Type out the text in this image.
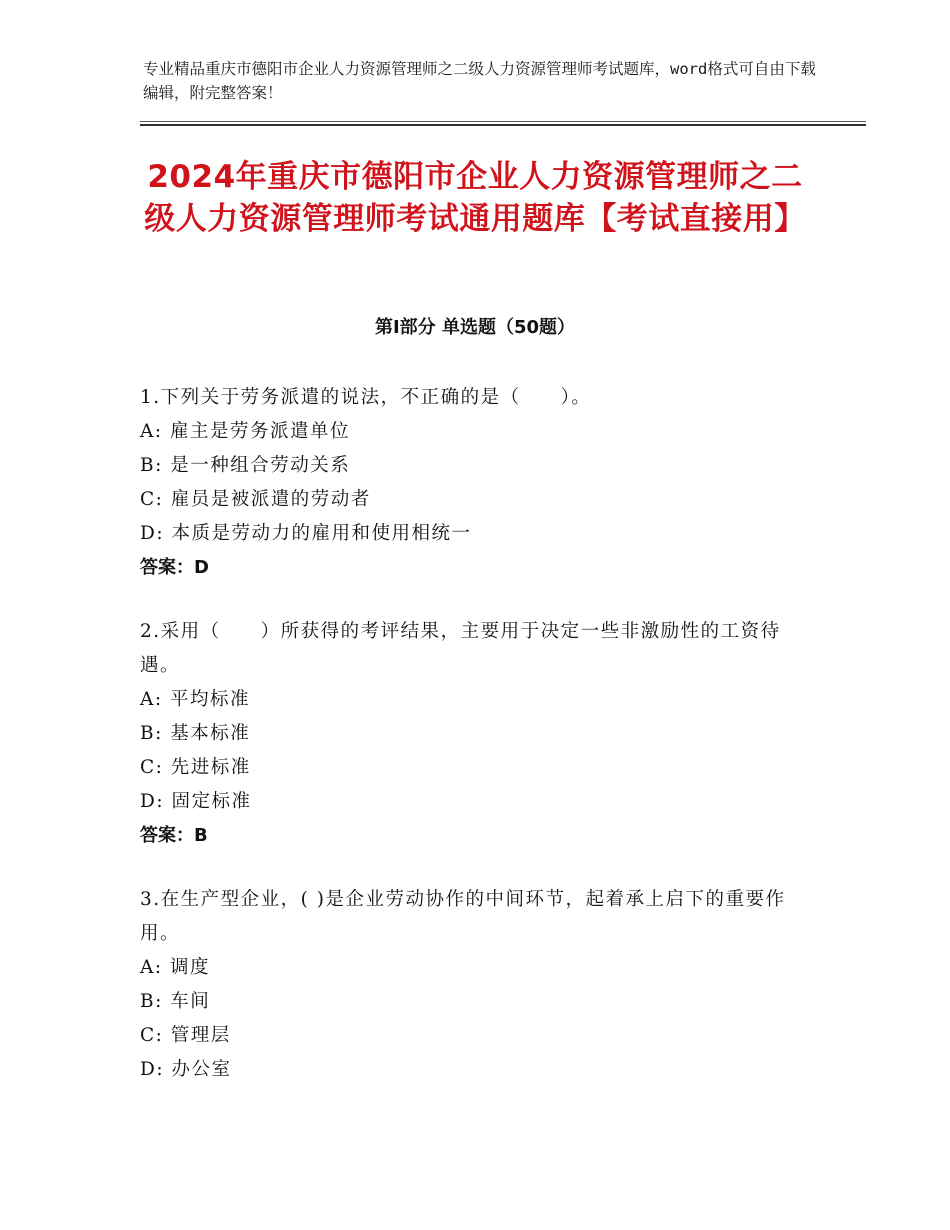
专业精品重庆市德阳市企业人力资源管理师之二级人力资源管理师考试题库，word格式可自由下载编辑，附完整答案！
2024年重庆市德阳市企业人力资源管理师之二级人力资源管理师考试通用题库【考试直接用】
第Ⅰ部分 单选题（50题）

1.下列关于劳务派遣的说法，不正确的是（　　）。

A: 雇主是劳务派遣单位

B: 是一种组合劳动关系

C: 雇员是被派遣的劳动者

D: 本质是劳动力的雇用和使用相统一

答案：D

2.采用（　　）所获得的考评结果，主要用于决定一些非激励性的工资待遇。

A: 平均标准

B: 基本标准

C: 先进标准

D: 固定标准

答案：B

3.在生产型企业，( )是企业劳动协作的中间环节，起着承上启下的重要作用。

A: 调度

B: 车间

C: 管理层

D: 办公室
